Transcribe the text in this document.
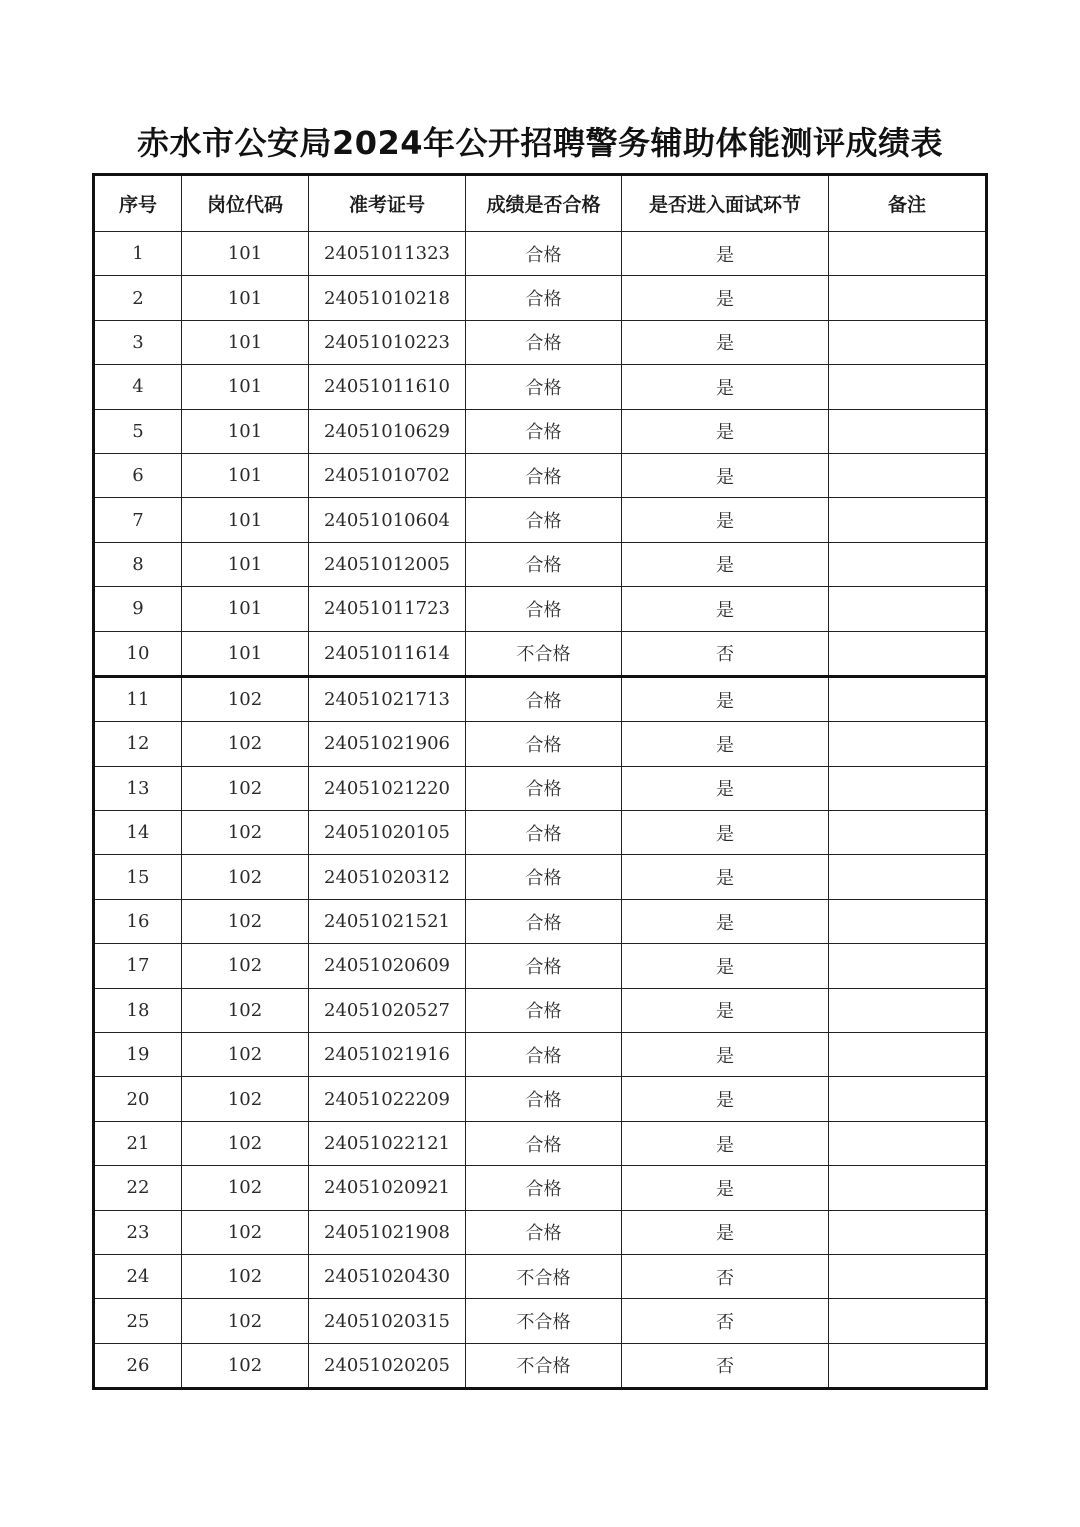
赤水市公安局2024年公开招聘警务辅助体能测评成绩表
序号	岗位代码	准考证号	成绩是否合格	是否进入面试环节	备注
1	101	24051011323	合格	是	
2	101	24051010218	合格	是	
3	101	24051010223	合格	是	
4	101	24051011610	合格	是	
5	101	24051010629	合格	是	
6	101	24051010702	合格	是	
7	101	24051010604	合格	是	
8	101	24051012005	合格	是	
9	101	24051011723	合格	是	
10	101	24051011614	不合格	否	
11	102	24051021713	合格	是	
12	102	24051021906	合格	是	
13	102	24051021220	合格	是	
14	102	24051020105	合格	是	
15	102	24051020312	合格	是	
16	102	24051021521	合格	是	
17	102	24051020609	合格	是	
18	102	24051020527	合格	是	
19	102	24051021916	合格	是	
20	102	24051022209	合格	是	
21	102	24051022121	合格	是	
22	102	24051020921	合格	是	
23	102	24051021908	合格	是	
24	102	24051020430	不合格	否	
25	102	24051020315	不合格	否	
26	102	24051020205	不合格	否	
